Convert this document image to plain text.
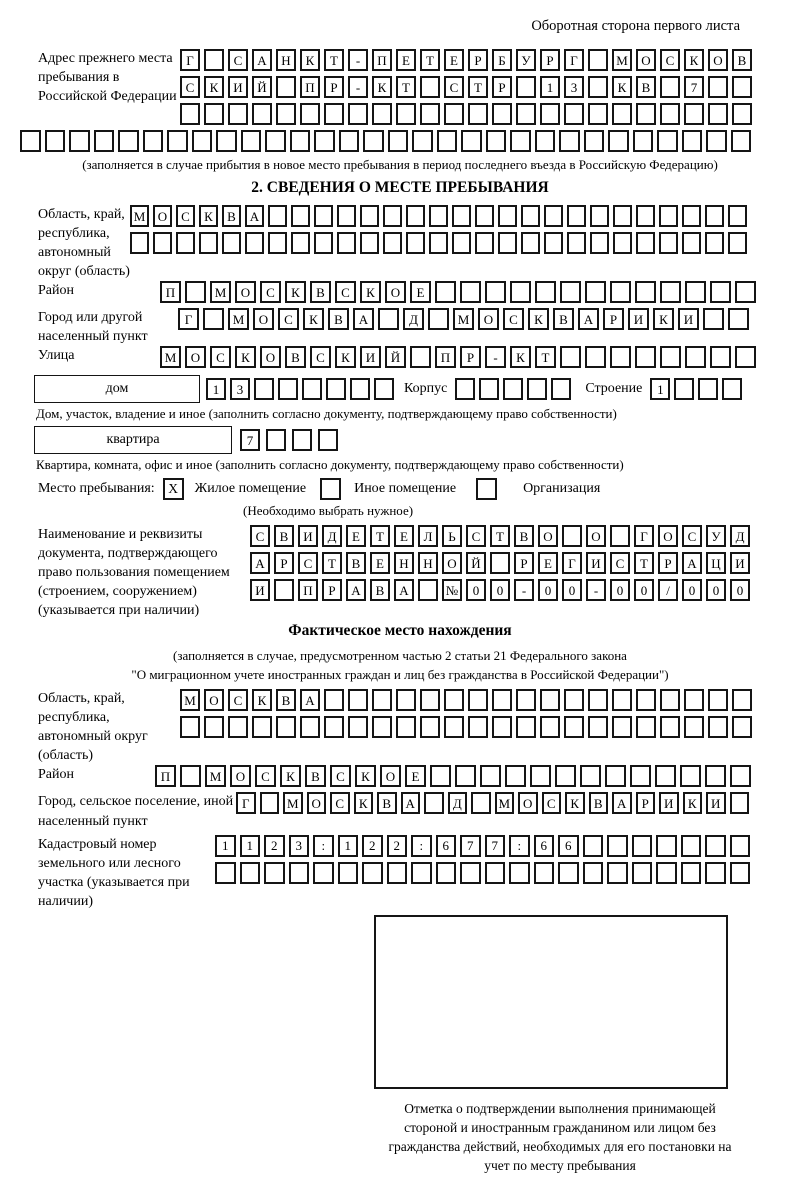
Оборотная сторона первого листа
Адрес прежнего места пребывания в Российской Федерации
Г	С	А	Н	К	Т	-	П	Е	Т	Е	Р	Б	У	Р	Г	М	О	С	К	О	В
С	К	И	Й	П	Р	-	К	Т	С	Т	Р	1	3	К	В	7
(заполняется в случае прибытия в новое место пребывания в период последнего въезда в Российскую Федерацию)
2. СВЕДЕНИЯ О МЕСТЕ ПРЕБЫВАНИЯ
Область, край, республика, автономный округ (область)
М О	С	К	В	А
Район	П	М	О	С	К	В	С	К	О	Е
Город или другой населенный пункт
Г	М	О	С	К	В	А	Д	М	О	С	К	В	А	Р	И	К	И
Улица	М	О	С	К	О	В	С	К	И	Й	П	Р	-	К	Т
дом	1	3	Корпус	Строение	1
Дом, участок, владение и иное (заполнить согласно документу, подтверждающему право собственности)
квартира	7
Квартира, комната, офис и иное (заполнить согласно документу, подтверждающему право собственности)
Место пребывания:	X	Жилое помещение	Иное помещение	Организация
(Необходимо выбрать нужное)
Наименование и реквизиты документа, подтверждающего право пользования помещением (строением, сооружением) (указывается при наличии)
С	В	И	Д	Е	Т	Е	Л	Ь	С	Т	В	О	О	Г	О	С	У	Д
А	Р	С	Т	В	Е	Н	Н	О	Й	Р	Е	Г	И	С	Т	Р	А	Ц	И
И	П	Р	А	В	А	№	0	0	-	0	0	-	0	0	/	0	0	0
Фактическое место нахождения
(заполняется в случае, предусмотренном частью 2 статьи 21 Федерального закона
"О миграционном учете иностранных граждан и лиц без гражданства в Российской Федерации")
Область, край, республика, автономный округ (область)
М	О	С	К	В	А
Район	П	М	О	С	К	В	С	К	О	Е
Город, сельское поселение, иной населенный пункт
Г	М	О	С	К	В	А	Д	М	О	С	К	В	А	Р	И	К	И
Кадастровый номер земельного или лесного участка (указывается при наличии)
1	1	2	3	:	1	2	2	:	6	7	7	:	6	6
Отметка о подтверждении выполнения принимающей стороной и иностранным гражданином или лицом без гражданства действий, необходимых для его постановки на учет по месту пребывания
